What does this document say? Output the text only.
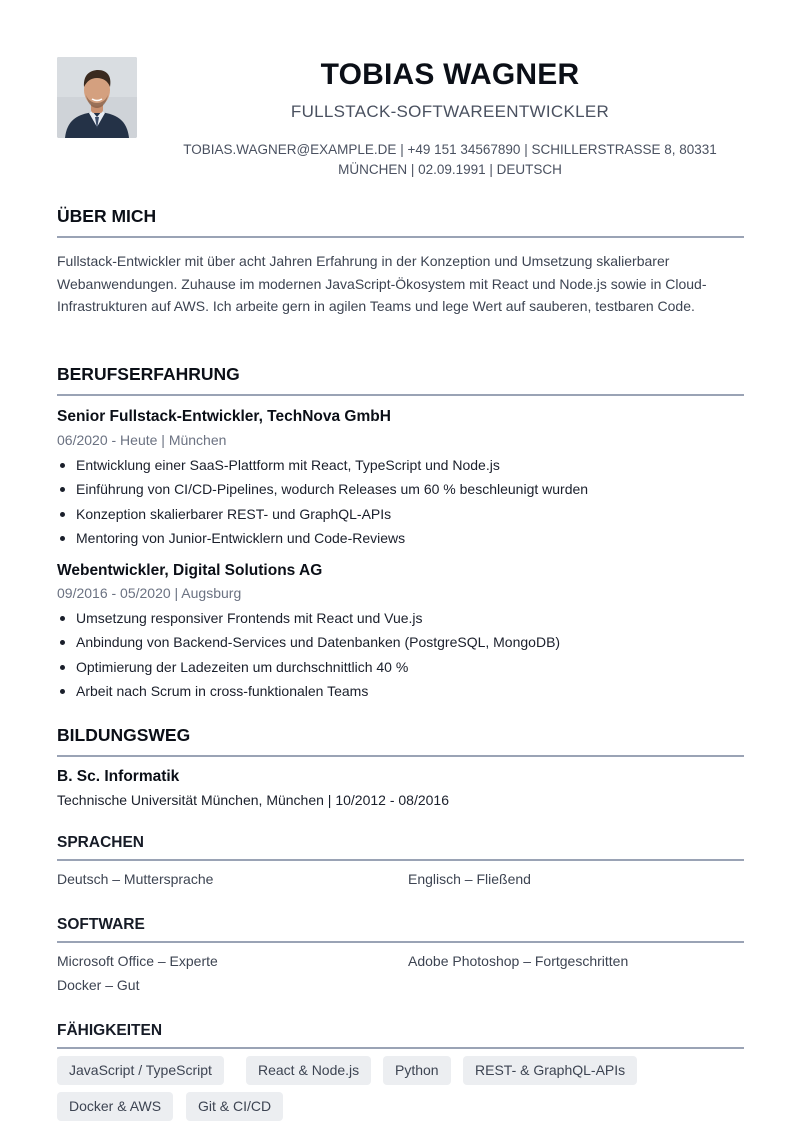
TOBIAS WAGNER
FULLSTACK-SOFTWAREENTWICKLER
TOBIAS.WAGNER@EXAMPLE.DE | +49 151 34567890 | SCHILLERSTRASSE 8, 80331
MÜNCHEN | 02.09.1991 | DEUTSCH
ÜBER MICH

Fullstack-Entwickler mit über acht Jahren Erfahrung in der Konzeption und Umsetzung skalierbarer Webanwendungen. Zuhause im modernen JavaScript-Ökosystem mit React und Node.js sowie in Cloud-Infrastrukturen auf AWS. Ich arbeite gern in agilen Teams und lege Wert auf sauberen, testbaren Code.

BERUFSERFAHRUNG
Senior Fullstack-Entwickler, TechNova GmbH
06/2020 - Heute | München
Entwicklung einer SaaS-Plattform mit React, TypeScript und Node.js
Einführung von CI/CD-Pipelines, wodurch Releases um 60 % beschleunigt wurden
Konzeption skalierbarer REST- und GraphQL-APIs
Mentoring von Junior-Entwicklern und Code-Reviews
Webentwickler, Digital Solutions AG
09/2016 - 05/2020 | Augsburg
Umsetzung responsiver Frontends mit React und Vue.js
Anbindung von Backend-Services und Datenbanken (PostgreSQL, MongoDB)
Optimierung der Ladezeiten um durchschnittlich 40 %
Arbeit nach Scrum in cross-funktionalen Teams
BILDUNGSWEG
B. Sc. Informatik
Technische Universität München, München | 10/2012 - 08/2016
SPRACHEN
Deutsch – Muttersprache	Englisch – Fließend
SOFTWARE
Microsoft Office – Experte	Adobe Photoshop – Fortgeschritten
Docker – Gut
FÄHIGKEITEN
JavaScript / TypeScript	React & Node.js	Python	REST- & GraphQL-APIs
Docker & AWS	Git & CI/CD
